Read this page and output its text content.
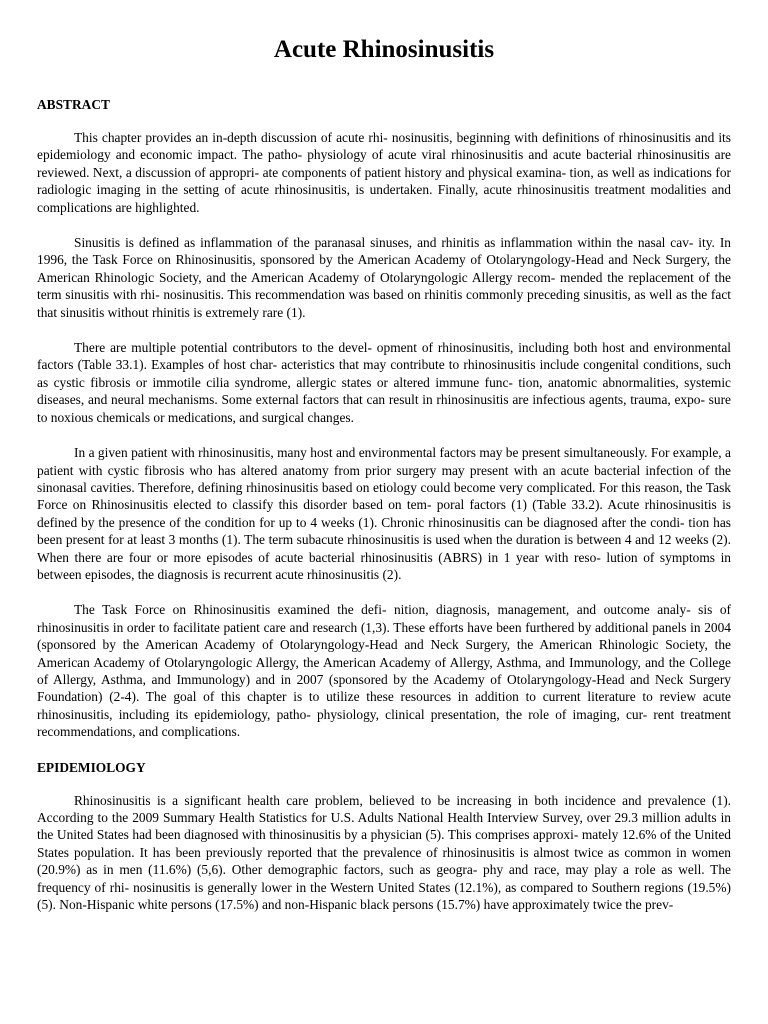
Acute Rhinosinusitis
ABSTRACT

This chapter provides an in-depth discussion of acute rhi- nosinusitis, beginning with definitions of rhinosinusitis and its epidemiology and economic impact. The patho- physiology of acute viral rhinosinusitis and acute bacterial rhinosinusitis are reviewed. Next, a discussion of appropri- ate components of patient history and physical examina- tion, as well as indications for radiologic imaging in the setting of acute rhinosinusitis, is undertaken. Finally, acute rhinosinusitis treatment modalities and complications are highlighted.

Sinusitis is defined as inflammation of the paranasal sinuses, and rhinitis as inflammation within the nasal cav- ity. In 1996, the Task Force on Rhinosinusitis, sponsored by the American Academy of Otolaryngology-Head and Neck Surgery, the American Rhinologic Society, and the American Academy of Otolaryngologic Allergy recom- mended the replacement of the term sinusitis with rhi- nosinusitis. This recommendation was based on rhinitis commonly preceding sinusitis, as well as the fact that sinusitis without rhinitis is extremely rare (1).

There are multiple potential contributors to the devel- opment of rhinosinusitis, including both host and environmental factors (Table 33.1). Examples of host char- acteristics that may contribute to rhinosinusitis include congenital conditions, such as cystic fibrosis or immotile cilia syndrome, allergic states or altered immune func- tion, anatomic abnormalities, systemic diseases, and neural mechanisms. Some external factors that can result in rhinosinusitis are infectious agents, trauma, expo- sure to noxious chemicals or medications, and surgical changes.

In a given patient with rhinosinusitis, many host and environmental factors may be present simultaneously. For example, a patient with cystic fibrosis who has altered anatomy from prior surgery may present with an acute bacterial infection of the sinonasal cavities. Therefore, defining rhinosinusitis based on etiology could become very complicated. For this reason, the Task Force on Rhinosinusitis elected to classify this disorder based on tem- poral factors (1) (Table 33.2). Acute rhinosinusitis is defined by the presence of the condition for up to 4 weeks (1). Chronic rhinosinusitis can be diagnosed after the condi- tion has been present for at least 3 months (1). The term subacute rhinosinusitis is used when the duration is between 4 and 12 weeks (2). When there are four or more episodes of acute bacterial rhinosinusitis (ABRS) in 1 year with reso- lution of symptoms in between episodes, the diagnosis is recurrent acute rhinosinusitis (2).

The Task Force on Rhinosinusitis examined the defi- nition, diagnosis, management, and outcome analy- sis of rhinosinusitis in order to facilitate patient care and research (1,3). These efforts have been furthered by additional panels in 2004 (sponsored by the American Academy of Otolaryngology-Head and Neck Surgery, the American Rhinologic Society, the American Academy of Otolaryngologic Allergy, the American Academy of Allergy, Asthma, and Immunology, and the College of Allergy, Asthma, and Immunology) and in 2007 (sponsored by the Academy of Otolaryngology-Head and Neck Surgery Foundation) (2-4). The goal of this chapter is to utilize these resources in addition to current literature to review acute rhinosinusitis, including its epidemiology, patho- physiology, clinical presentation, the role of imaging, cur- rent treatment recommendations, and complications.

EPIDEMIOLOGY

Rhinosinusitis is a significant health care problem, believed to be increasing in both incidence and prevalence (1). According to the 2009 Summary Health Statistics for U.S. Adults National Health Interview Survey, over 29.3 million adults in the United States had been diagnosed with thinosinusitis by a physician (5). This comprises approxi- mately 12.6% of the United States population. It has been previously reported that the prevalence of rhinosinusitis is almost twice as common in women (20.9%) as in men (11.6%) (5,6). Other demographic factors, such as geogra- phy and race, may play a role as well. The frequency of rhi- nosinusitis is generally lower in the Western United States (12.1%), as compared to Southern regions (19.5%) (5). Non-Hispanic white persons (17.5%) and non-Hispanic black persons (15.7%) have approximately twice the prev-
